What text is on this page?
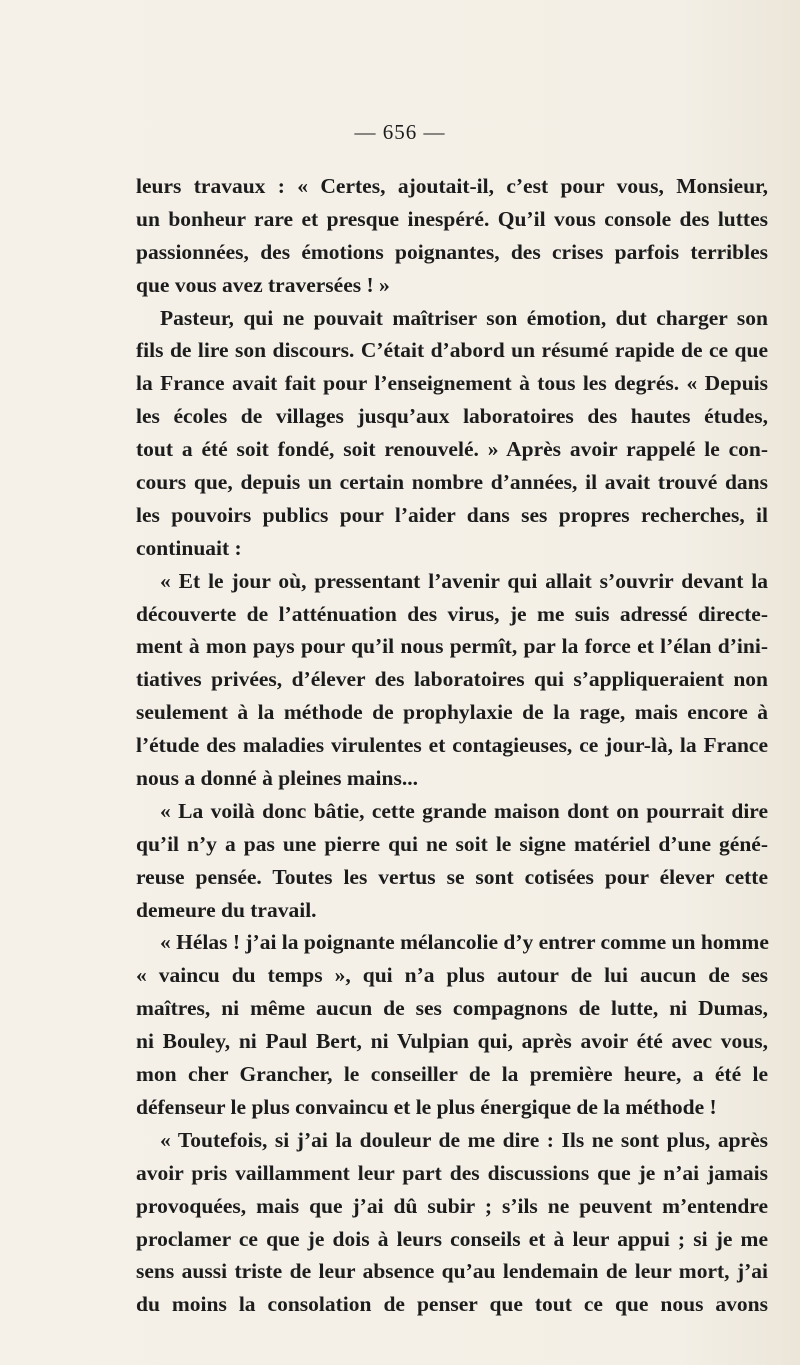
— 656 —
leurs travaux : « Certes, ajoutait-il, c’est pour vous, Monsieur,
un bonheur rare et presque inespéré. Qu’il vous console des luttes
passionnées, des émotions poignantes, des crises parfois terribles
que vous avez traversées ! »
Pasteur, qui ne pouvait maîtriser son émotion, dut charger son
fils de lire son discours. C’était d’abord un résumé rapide de ce que
la France avait fait pour l’enseignement à tous les degrés. « Depuis
les écoles de villages jusqu’aux laboratoires des hautes études,
tout a été soit fondé, soit renouvelé. » Après avoir rappelé le con-
cours que, depuis un certain nombre d’années, il avait trouvé dans
les pouvoirs publics pour l’aider dans ses propres recherches, il
continuait :
« Et le jour où, pressentant l’avenir qui allait s’ouvrir devant la
découverte de l’atténuation des virus, je me suis adressé directe-
ment à mon pays pour qu’il nous permît, par la force et l’élan d’ini-
tiatives privées, d’élever des laboratoires qui s’appliqueraient non
seulement à la méthode de prophylaxie de la rage, mais encore à
l’étude des maladies virulentes et contagieuses, ce jour-là, la France
nous a donné à pleines mains...
« La voilà donc bâtie, cette grande maison dont on pourrait dire
qu’il n’y a pas une pierre qui ne soit le signe matériel d’une géné-
reuse pensée. Toutes les vertus se sont cotisées pour élever cette
demeure du travail.
« Hélas ! j’ai la poignante mélancolie d’y entrer comme un homme
« vaincu du temps », qui n’a plus autour de lui aucun de ses
maîtres, ni même aucun de ses compagnons de lutte, ni Dumas,
ni Bouley, ni Paul Bert, ni Vulpian qui, après avoir été avec vous,
mon cher Grancher, le conseiller de la première heure, a été le
défenseur le plus convaincu et le plus énergique de la méthode !
« Toutefois, si j’ai la douleur de me dire : Ils ne sont plus, après
avoir pris vaillamment leur part des discussions que je n’ai jamais
provoquées, mais que j’ai dû subir ; s’ils ne peuvent m’entendre
proclamer ce que je dois à leurs conseils et à leur appui ; si je me
sens aussi triste de leur absence qu’au lendemain de leur mort, j’ai
du moins la consolation de penser que tout ce que nous avons
